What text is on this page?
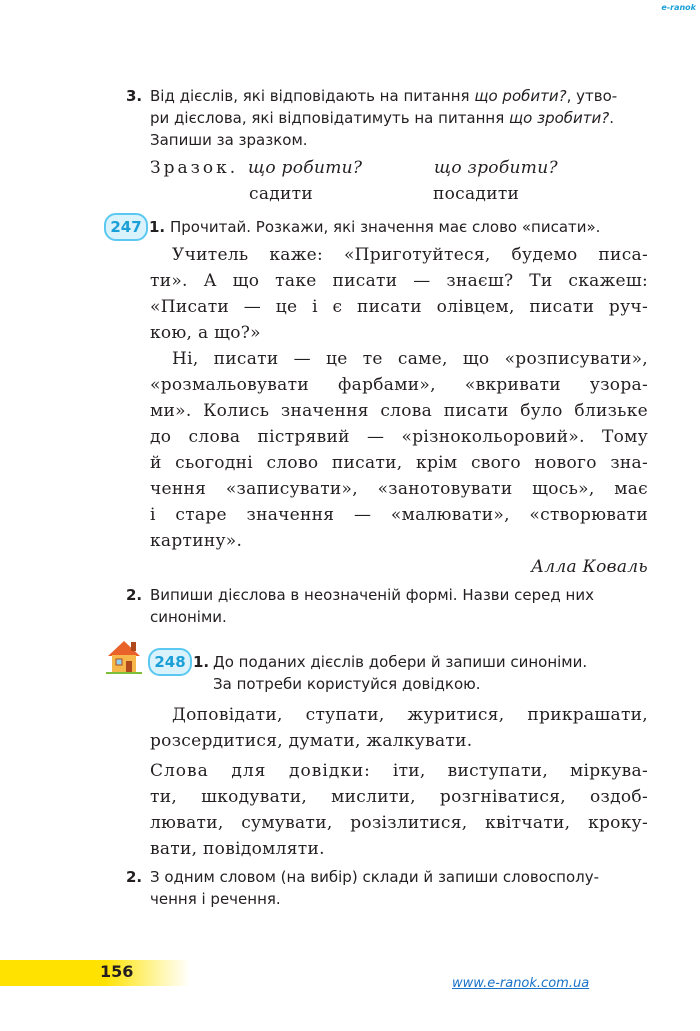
e-ranok
3. Від дієслів, які відповідають на питання що робити?, утво-
ри дієслова, які відповідатимуть на питання що зробити?.
Запиши за зразком.
Зразок. що робити?	що зробити?
садити	посадити
247 1. Прочитай. Розкажи, які значення має слово «писати».
Учитель каже: «Приготуйтеся, будемо писа-
ти». А що таке писати — знаєш? Ти скажеш:
«Писати — це і є писати олівцем, писати руч-
кою, а що?»
Ні, писати — це те саме, що «розписувати»,
«розмальовувати фарбами», «вкривати узора-
ми». Колись значення слова писати було близьке
до слова пістрявий — «різнокольоровий». Тому
й сьогодні слово писати, крім свого нового зна-
чення «записувати», «занотовувати щось», має
і старе значення — «малювати», «створювати
картину».
Алла Коваль
2. Випиши дієслова в неозначеній формі. Назви серед них
синоніми.
248 1. До поданих дієслів добери й запиши синоніми.
За потреби користуйся довідкою.
Доповідати, ступати, журитися, прикрашати,
розсердитися, думати, жалкувати.
Слова для довідки: іти, виступати, міркува-
ти, шкодувати, мислити, розгніватися, оздоб-
лювати, сумувати, розізлитися, квітчати, кроку-
вати, повідомляти.
2. З одним словом (на вибір) склади й запиши словосполу-
чення і речення.
156
www.e-ranok.com.ua
